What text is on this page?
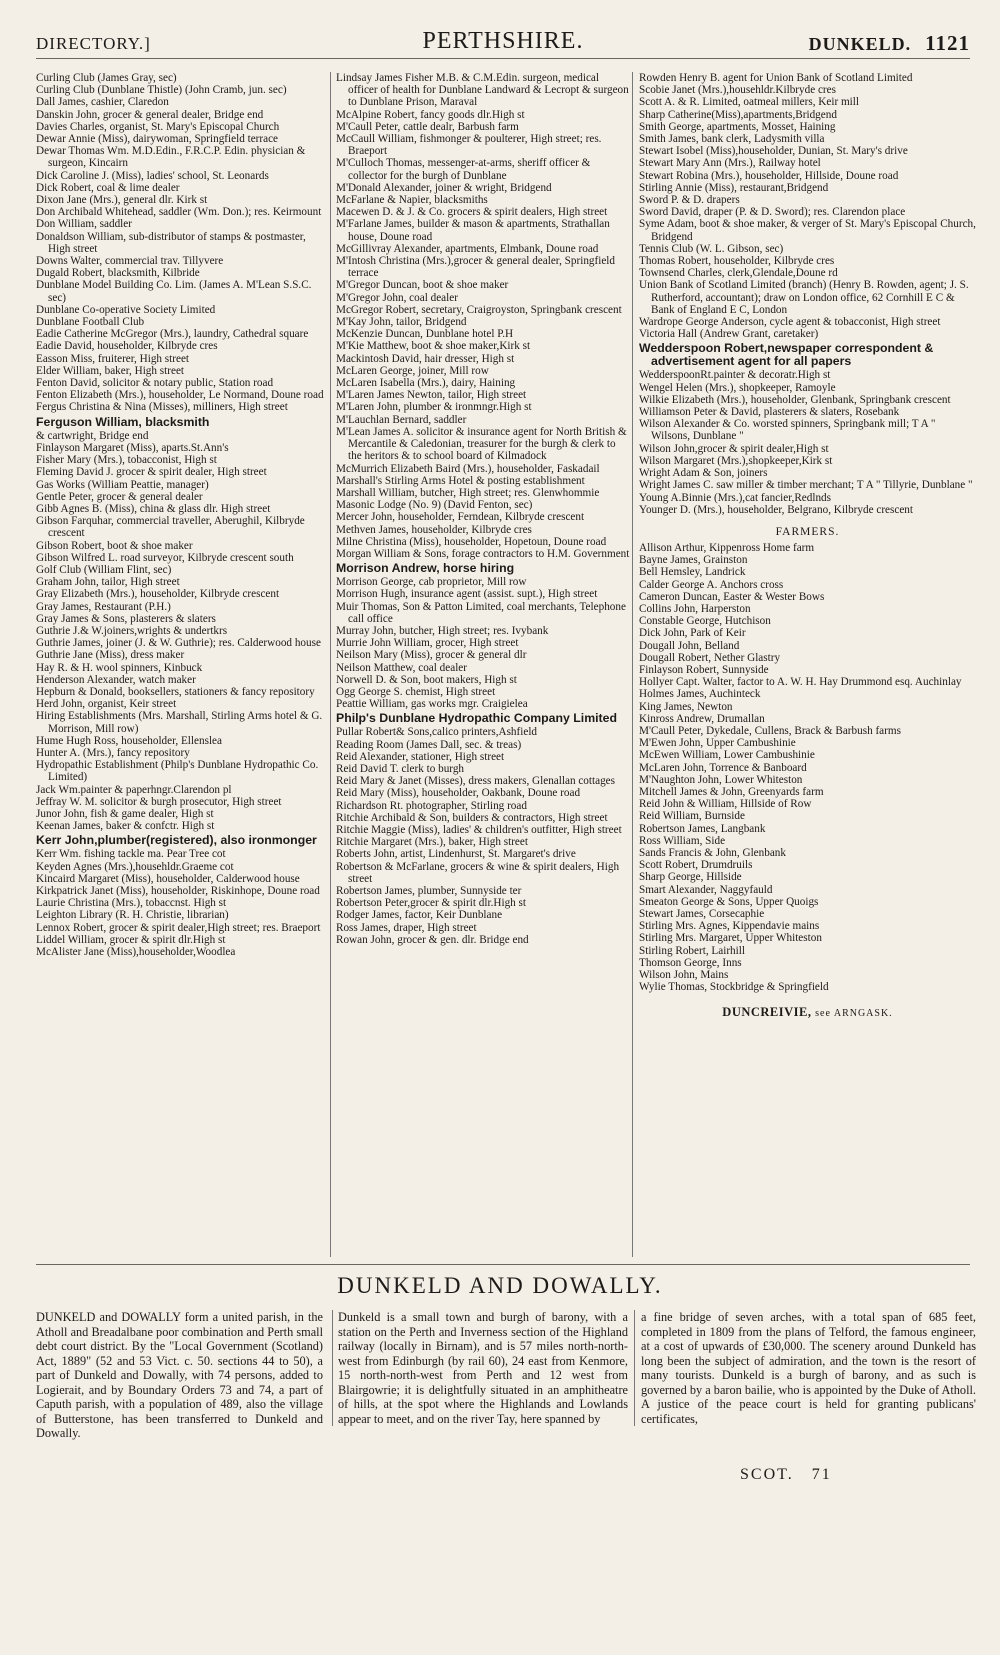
DIRECTORY.]	PERTHSHIRE.	DUNKELD. 1121

Curling Club (James Gray, sec)

Curling Club (Dunblane Thistle) (John Cramb, jun. sec)

Dall James, cashier, Claredon

Danskin John, grocer & general dealer, Bridge end

Davies Charles, organist, St. Mary's Episcopal Church

Dewar Annie (Miss), dairywoman, Springfield terrace

Dewar Thomas Wm. M.D.Edin., F.R.C.P. Edin. physician & surgeon, Kincairn

Dick Caroline J. (Miss), ladies' school, St. Leonards

Dick Robert, coal & lime dealer

Dixon Jane (Mrs.), general dlr. Kirk st

Don Archibald Whitehead, saddler (Wm. Don.); res. Keirmount

Don William, saddler

Donaldson William, sub-distributor of stamps & postmaster, High street

Downs Walter, commercial trav. Tillyvere

Dugald Robert, blacksmith, Kilbride

Dunblane Model Building Co. Lim. (James A. M'Lean S.S.C. sec)

Dunblane Co-operative Society Limited

Dunblane Football Club

Eadie Catherine McGregor (Mrs.), laundry, Cathedral square

Eadie David, householder, Kilbryde cres

Easson Miss, fruiterer, High street

Elder William, baker, High street

Fenton David, solicitor & notary public, Station road

Fenton Elizabeth (Mrs.), householder, Le Normand, Doune road

Fergus Christina & Nina (Misses), milliners, High street

Ferguson William, blacksmith

& cartwright, Bridge end

Finlayson Margaret (Miss), aparts.St.Ann's

Fisher Mary (Mrs.), tobacconist, High st

Fleming David J. grocer & spirit dealer, High street

Gas Works (William Peattie, manager)

Gentle Peter, grocer & general dealer

Gibb Agnes B. (Miss), china & glass dlr. High street

Gibson Farquhar, commercial traveller, Aberughil, Kilbryde crescent

Gibson Robert, boot & shoe maker

Gibson Wilfred L. road surveyor, Kilbryde crescent south

Golf Club (William Flint, sec)

Graham John, tailor, High street

Gray Elizabeth (Mrs.), householder, Kilbryde crescent

Gray James, Restaurant (P.H.)

Gray James & Sons, plasterers & slaters

Guthrie J.& W.joiners,wrights & undertkrs

Guthrie James, joiner (J. & W. Guthrie); res. Calderwood house

Guthrie Jane (Miss), dress maker

Hay R. & H. wool spinners, Kinbuck

Henderson Alexander, watch maker

Hepburn & Donald, booksellers, stationers & fancy repository

Herd John, organist, Keir street

Hiring Establishments (Mrs. Marshall, Stirling Arms hotel & G. Morrison, Mill row)

Hume Hugh Ross, householder, Ellenslea

Hunter A. (Mrs.), fancy repository

Hydropathic Establishment (Philp's Dunblane Hydropathic Co. Limited)

Jack Wm.painter & paperhngr.Clarendon pl

Jeffray W. M. solicitor & burgh prosecutor, High street

Junor John, fish & game dealer, High st

Keenan James, baker & confctr. High st

Kerr John,plumber(registered), also ironmonger

Kerr Wm. fishing tackle ma. Pear Tree cot

Keyden Agnes (Mrs.),househldr.Graeme cot

Kincaird Margaret (Miss), householder, Calderwood house

Kirkpatrick Janet (Miss), householder, Riskinhope, Doune road

Laurie Christina (Mrs.), tobaccnst. High st

Leighton Library (R. H. Christie, librarian)

Lennox Robert, grocer & spirit dealer,High street; res. Braeport

Liddel William, grocer & spirit dlr.High st

McAlister Jane (Miss),householder,Woodlea

Lindsay James Fisher M.B. & C.M.Edin. surgeon, medical officer of health for Dunblane Landward & Lecropt & surgeon to Dunblane Prison, Maraval

McAlpine Robert, fancy goods dlr.High st

M'Caull Peter, cattle dealr, Barbush farm

McCaull William, fishmonger & poulterer, High street; res. Braeport

M'Culloch Thomas, messenger-at-arms, sheriff officer & collector for the burgh of Dunblane

M'Donald Alexander, joiner & wright, Bridgend

McFarlane & Napier, blacksmiths

Macewen D. & J. & Co. grocers & spirit dealers, High street

M'Farlane James, builder & mason & apartments, Strathallan house, Doune road

McGillivray Alexander, apartments, Elmbank, Doune road

M'Intosh Christina (Mrs.),grocer & general dealer, Springfield terrace

M'Gregor Duncan, boot & shoe maker

M'Gregor John, coal dealer

McGregor Robert, secretary, Craigroyston, Springbank crescent

M'Kay John, tailor, Bridgend

McKenzie Duncan, Dunblane hotel P.H

M'Kie Matthew, boot & shoe maker,Kirk st

Mackintosh David, hair dresser, High st

McLaren George, joiner, Mill row

McLaren Isabella (Mrs.), dairy, Haining

M'Laren James Newton, tailor, High street

M'Laren John, plumber & ironmngr.High st

M'Lauchlan Bernard, saddler

M'Lean James A. solicitor & insurance agent for North British & Mercantile & Caledonian, treasurer for the burgh & clerk to the heritors & to school board of Kilmadock

McMurrich Elizabeth Baird (Mrs.), householder, Faskadail

Marshall's Stirling Arms Hotel & posting establishment

Marshall William, butcher, High street; res. Glenwhommie

Masonic Lodge (No. 9) (David Fenton, sec)

Mercer John, householder, Ferndean, Kilbryde crescent

Methven James, householder, Kilbryde cres

Milne Christina (Miss), householder, Hopetoun, Doune road

Morgan William & Sons, forage contractors to H.M. Government

Morrison Andrew, horse hiring

Morrison George, cab proprietor, Mill row

Morrison Hugh, insurance agent (assist. supt.), High street

Muir Thomas, Son & Patton Limited, coal merchants, Telephone call office

Murray John, butcher, High street; res. Ivybank

Murrie John William, grocer, High street

Neilson Mary (Miss), grocer & general dlr

Neilson Matthew, coal dealer

Norwell D. & Son, boot makers, High st

Ogg George S. chemist, High street

Peattie William, gas works mgr. Craigielea

Philp's Dunblane Hydropathic Company Limited

Pullar Robert& Sons,calico printers,Ashfield

Reading Room (James Dall, sec. & treas)

Reid Alexander, stationer, High street

Reid David T. clerk to burgh

Reid Mary & Janet (Misses), dress makers, Glenallan cottages

Reid Mary (Miss), householder, Oakbank, Doune road

Richardson Rt. photographer, Stirling road

Ritchie Archibald & Son, builders & contractors, High street

Ritchie Maggie (Miss), ladies' & children's outfitter, High street

Ritchie Margaret (Mrs.), baker, High street

Roberts John, artist, Lindenhurst, St. Margaret's drive

Robertson & McFarlane, grocers & wine & spirit dealers, High street

Robertson James, plumber, Sunnyside ter

Robertson Peter,grocer & spirit dlr.High st

Rodger James, factor, Keir Dunblane

Ross James, draper, High street

Rowan John, grocer & gen. dlr. Bridge end

Rowden Henry B. agent for Union Bank of Scotland Limited

Scobie Janet (Mrs.),househldr.Kilbryde cres

Scott A. & R. Limited, oatmeal millers, Keir mill

Sharp Catherine(Miss),apartments,Bridgend

Smith George, apartments, Mosset, Haining

Smith James, bank clerk, Ladysmith villa

Stewart Isobel (Miss),householder, Dunian, St. Mary's drive

Stewart Mary Ann (Mrs.), Railway hotel

Stewart Robina (Mrs.), householder, Hillside, Doune road

Stirling Annie (Miss), restaurant,Bridgend

Sword P. & D. drapers

Sword David, draper (P. & D. Sword); res. Clarendon place

Syme Adam, boot & shoe maker, & verger of St. Mary's Episcopal Church, Bridgend

Tennis Club (W. L. Gibson, sec)

Thomas Robert, householder, Kilbryde cres

Townsend Charles, clerk,Glendale,Doune rd

Union Bank of Scotland Limited (branch) (Henry B. Rowden, agent; J. S. Rutherford, accountant); draw on London office, 62 Cornhill E C & Bank of England E C, London

Wardrope George Anderson, cycle agent & tobacconist, High street

Victoria Hall (Andrew Grant, caretaker)

Wedderspoon Robert,newspaper correspondent & advertisement agent for all papers

WedderspoonRt.painter & decoratr.High st

Wengel Helen (Mrs.), shopkeeper, Ramoyle

Wilkie Elizabeth (Mrs.), householder, Glenbank, Springbank crescent

Williamson Peter & David, plasterers & slaters, Rosebank

Wilson Alexander & Co. worsted spinners, Springbank mill; T A " Wilsons, Dunblane "

Wilson John,grocer & spirit dealer,High st

Wilson Margaret (Mrs.),shopkeeper,Kirk st

Wright Adam & Son, joiners

Wright James C. saw miller & timber merchant; T A " Tillyrie, Dunblane "

Young A.Binnie (Mrs.),cat fancier,Redlnds

Younger D. (Mrs.), householder, Belgrano, Kilbryde crescent

FARMERS.

Allison Arthur, Kippenross Home farm

Bayne James, Grainston

Bell Hemsley, Landrick

Calder George A. Anchors cross

Cameron Duncan, Easter & Wester Bows

Collins John, Harperston

Constable George, Hutchison

Dick John, Park of Keir

Dougall John, Belland

Dougall Robert, Nether Glastry

Finlayson Robert, Sunnyside

Hollyer Capt. Walter, factor to A. W. H. Hay Drummond esq. Auchinlay

Holmes James, Auchinteck

King James, Newton

Kinross Andrew, Drumallan

M'Caull Peter, Dykedale, Cullens, Brack & Barbush farms

M'Ewen John, Upper Cambushinie

McEwen William, Lower Cambushinie

McLaren John, Torrence & Banboard

M'Naughton John, Lower Whiteston

Mitchell James & John, Greenyards farm

Reid John & William, Hillside of Row

Reid William, Burnside

Robertson James, Langbank

Ross William, Side

Sands Francis & John, Glenbank

Scott Robert, Drumdruils

Sharp George, Hillside

Smart Alexander, Naggyfauld

Smeaton George & Sons, Upper Quoigs

Stewart James, Corsecaphie

Stirling Mrs. Agnes, Kippendavie mains

Stirling Mrs. Margaret, Upper Whiteston

Stirling Robert, Lairhill

Thomson George, Inns

Wilson John, Mains

Wylie Thomas, Stockbridge & Springfield

DUNCREIVIE, see ARNGASK.
DUNKELD AND DOWALLY.
DUNKELD and DOWALLY form a united parish, in the Atholl and Breadalbane poor combination and Perth small debt court district. By the "Local Government (Scotland) Act, 1889" (52 and 53 Vict. c. 50. sections 44 to 50), a part of Dunkeld and Dowally, with 74 persons, added to Logierait, and by Boundary Orders 73 and 74, a part of Caputh parish, with a population of 489, also the village of Butterstone, has been transferred to Dunkeld and Dowally.
Dunkeld is a small town and burgh of barony, with a station on the Perth and Inverness section of the Highland railway (locally in Birnam), and is 57 miles north-north-west from Edinburgh (by rail 60), 24 east from Kenmore, 15 north-north-west from Perth and 12 west from Blairgowrie; it is delightfully situated in an amphitheatre of hills, at the spot where the Highlands and Lowlands appear to meet, and on the river Tay, here spanned by
a fine bridge of seven arches, with a total span of 685 feet, completed in 1809 from the plans of Telford, the famous engineer, at a cost of upwards of £30,000. The scenery around Dunkeld has long been the subject of admiration, and the town is the resort of many tourists. Dunkeld is a burgh of barony, and as such is governed by a baron bailie, who is appointed by the Duke of Atholl. A justice of the peace court is held for granting publicans' certificates,
SCOT. 71
